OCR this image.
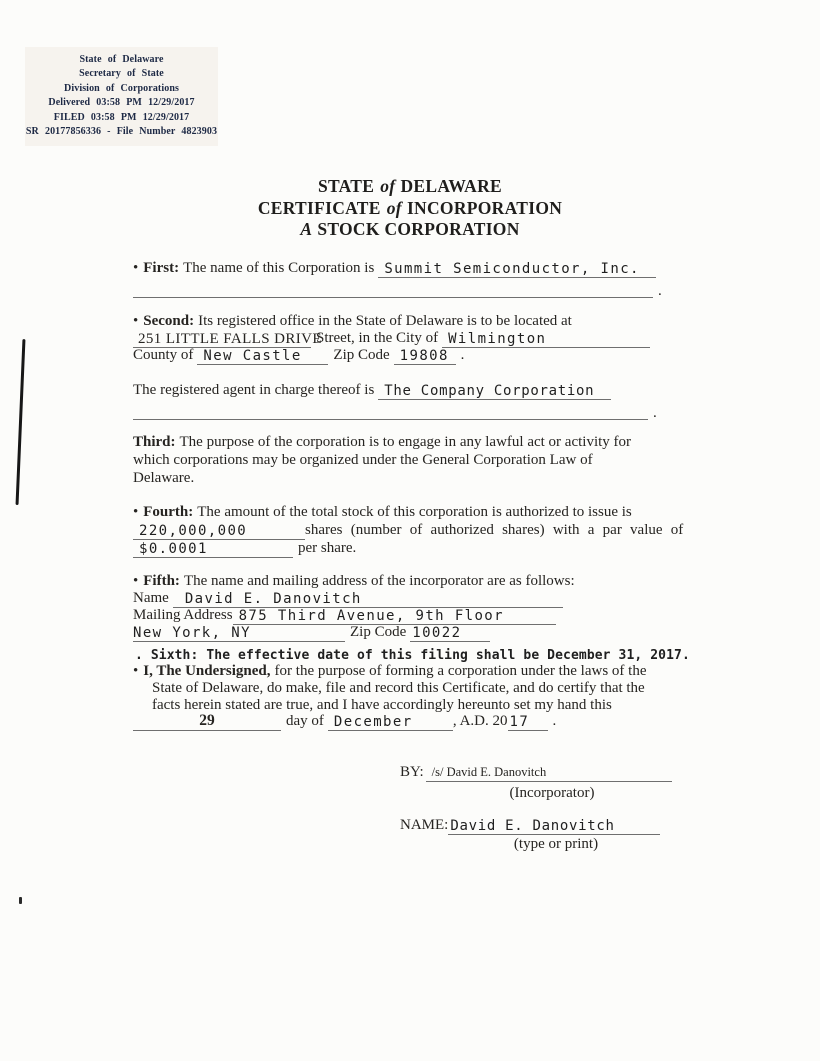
State of Delaware
Secretary of State
Division of Corporations
Delivered 03:58 PM 12/29/2017
FILED 03:58 PM 12/29/2017
SR 20177856336 - File Number 4823903
STATE of DELAWARE
CERTIFICATE of INCORPORATION
A STOCK CORPORATION
• First: The name of this Corporation is Summit Semiconductor, Inc.
.
• Second: Its registered office in the State of Delaware is to be located at
251 LITTLE FALLS DRIVEStreet, in the City of Wilmington
County of New Castle Zip Code 19808 .
The registered agent in charge thereof is The Company Corporation
.
Third: The purpose of the corporation is to engage in any lawful act or activity for
which corporations may be organized under the General Corporation Law of
Delaware.
• Fourth: The amount of the total stock of this corporation is authorized to issue is
220,000,000	shares (number of authorized shares) with a par value of
$0.0001	per share.
• Fifth: The name and mailing address of the incorporator are as follows:
Name David E. Danovitch
Mailing Address 875 Third Avenue, 9th Floor
New York, NY	Zip Code 10022
. Sixth: The effective date of this filing shall be December 31, 2017.
• I, The Undersigned, for the purpose of forming a corporation under the laws of the
State of Delaware, do make, file and record this Certificate, and do certify that the
facts herein stated are true, and I have accordingly hereunto set my hand this
29	day of December	, A.D. 20 17 .
BY: $^{/s/ David E. Danovitch}$
(Incorporator)
NAME: David E. Danovitch
(type or print)
